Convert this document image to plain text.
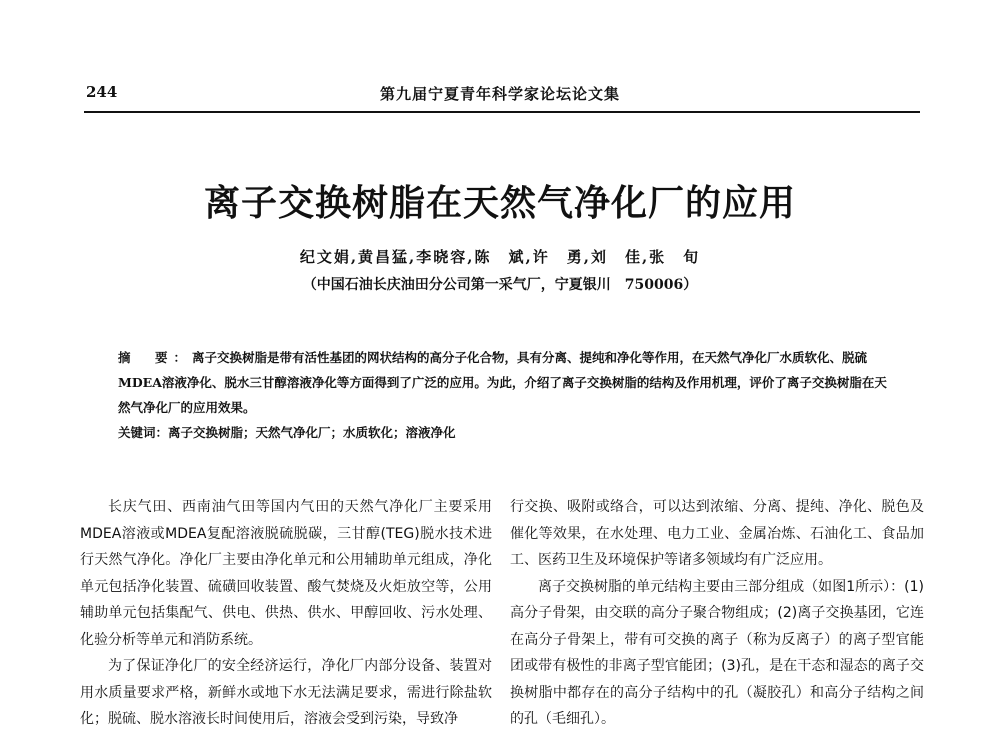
244	第九届宁夏青年科学家论坛论文集
离子交换树脂在天然气净化厂的应用
纪文娟,黄昌猛,李晓容,陈　斌,许　勇,刘　佳,张　旬
（中国石油长庆油田分公司第一采气厂，宁夏银川　750006）

摘　要：离子交换树脂是带有活性基团的网状结构的高分子化合物，具有分离、提纯和净化等作用，在天然气净化厂水质软化、脱硫MDEA溶液净化、脱水三甘醇溶液净化等方面得到了广泛的应用。为此，介绍了离子交换树脂的结构及作用机理，评价了离子交换树脂在天然气净化厂的应用效果。

关键词：离子交换树脂；天然气净化厂；水质软化；溶液净化

长庆气田、西南油气田等国内气田的天然气净化厂主要采用MDEA溶液或MDEA复配溶液脱硫脱碳，三甘醇(TEG)脱水技术进行天然气净化。净化厂主要由净化单元和公用辅助单元组成，净化单元包括净化装置、硫磺回收装置、酸气焚烧及火炬放空等，公用辅助单元包括集配气、供电、供热、供水、甲醇回收、污水处理、化验分析等单元和消防系统。

为了保证净化厂的安全经济运行，净化厂内部分设备、装置对用水质量要求严格，新鲜水或地下水无法满足要求，需进行除盐软化；脱硫、脱水溶液长时间使用后，溶液会受到污染，导致净

行交换、吸附或络合，可以达到浓缩、分离、提纯、净化、脱色及催化等效果，在水处理、电力工业、金属冶炼、石油化工、食品加工、医药卫生及环境保护等诸多领域均有广泛应用。

离子交换树脂的单元结构主要由三部分组成（如图1所示）：(1)高分子骨架，由交联的高分子聚合物组成；(2)离子交换基团，它连在高分子骨架上，带有可交换的离子（称为反离子）的离子型官能团或带有极性的非离子型官能团；(3)孔，是在干态和湿态的离子交换树脂中都存在的高分子结构中的孔（凝胶孔）和高分子结构之间的孔（毛细孔）。
